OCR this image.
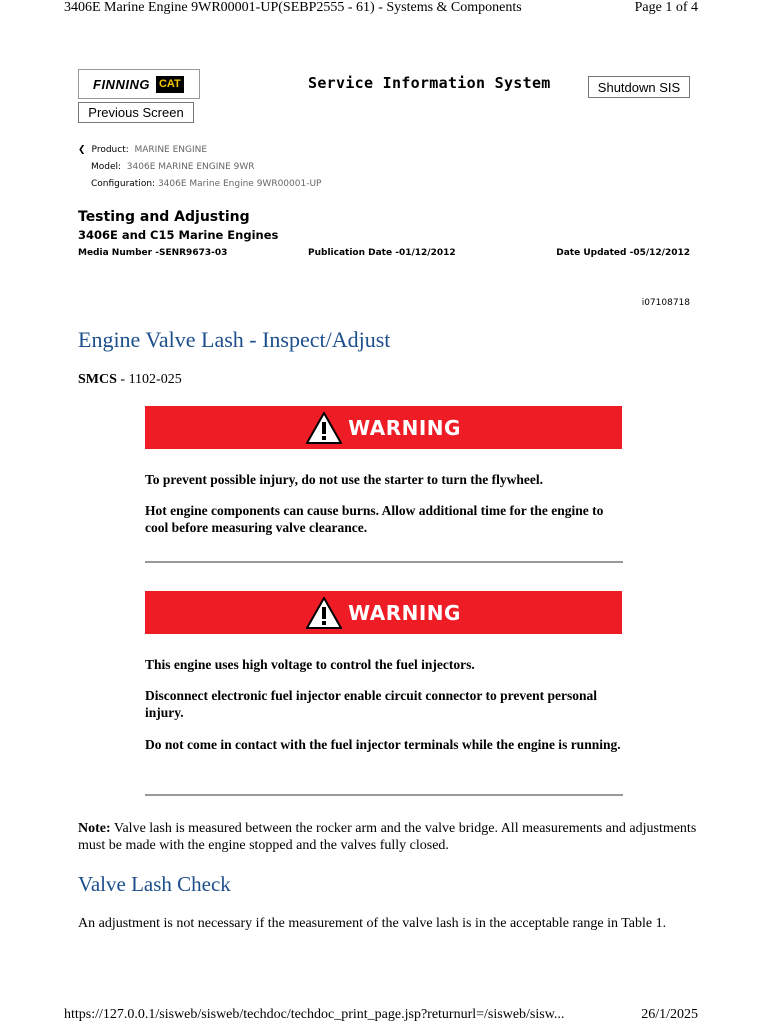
3406E Marine Engine 9WR00001-UP(SEBP2555 - 61) - Systems & Components	Page 1 of 4
FINNING CAT	Service Information System	Shutdown SIS
Previous Screen
❮ Product: MARINE ENGINE
Model: 3406E MARINE ENGINE 9WR
Configuration: 3406E Marine Engine 9WR00001-UP
Testing and Adjusting
3406E and C15 Marine Engines
Media Number -SENR9673-03	Publication Date -01/12/2012	Date Updated -05/12/2012
i07108718
Engine Valve Lash - Inspect/Adjust
SMCS - 1102-025
WARNING
To prevent possible injury, do not use the starter to turn the flywheel.
Hot engine components can cause burns. Allow additional time for the engine to cool before measuring valve clearance.
WARNING
This engine uses high voltage to control the fuel injectors.
Disconnect electronic fuel injector enable circuit connector to prevent personal injury.
Do not come in contact with the fuel injector terminals while the engine is running.
Note: Valve lash is measured between the rocker arm and the valve bridge. All measurements and adjustments must be made with the engine stopped and the valves fully closed.
Valve Lash Check
An adjustment is not necessary if the measurement of the valve lash is in the acceptable range in Table 1.
https://127.0.0.1/sisweb/sisweb/techdoc/techdoc_print_page.jsp?returnurl=/sisweb/sisw...	26/1/2025
